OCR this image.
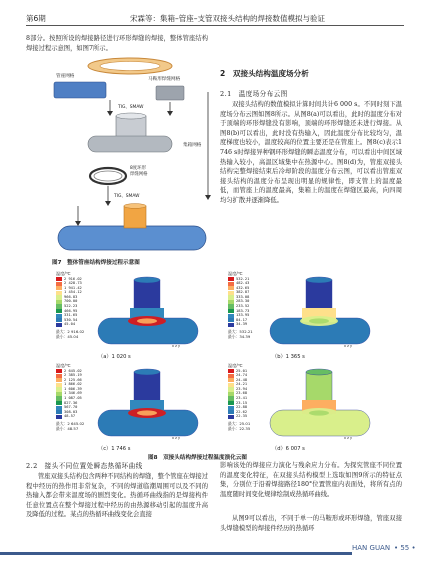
第6期	宋霖等：集箱–管座–支管双接头结构的焊接数值模拟与验证
8部分。按照所设的焊接路径进行环形焊缝的焊接，整体管座结构焊接过程示意图，如图7所示。
管座网格
马鞍形焊缝网格
TIG、SMAW
集箱网格
8度环形
焊缝网格
TIG、SMAW
图7　整体管座结构焊接过程示意图
2　双接头结构温度场分析
2.1　温度场分布云图
双接头结构的数值模拟计算时间共计6 000 s。不同时刻下温度场分布云图如图8所示。从图8(a)可以看出，此时的温度分布对于顶端的环形焊缝没有影响，顶端的环形焊缝还未进行焊接。从图8(b)可以看出，此时没有热输入，因此温度分布比较均匀，温度梯度也较小，温度较高的位置主要还是在管座上。图8(c)表示1 746 s时焊接异种钢环形焊缝的瞬态温度分布，可以看出中间区域热输入较小，高温区域集中在热源中心。图8(d)为，管座双接头结构完整焊接结束后冷却阶段的温度分布云图，可以看出管座双接头结构的温度分布呈现出明显的规律性，即支管上的温度最低，而管座上的温度最高，集箱上的温度在焊缝区最高，向四周均匀扩散并逐渐降低。
温度/℃
2 916.02
2 428.73
1 941.42
1 454.12
966.83
700.00
522.23
466.95
331.65
530.54
45.04
最大：2 916.02
最小：45.04
x z y
（a）1 020 s
温度/℃
532.21
482.43
432.65
382.87
333.08
283.30
233.52
183.73
133.95
84.17
34.39
最大：532.21
最小：34.39
x z y
（b）1 365 s
温度/℃
2 645.02
2 385.19
2 125.66
1 866.02
1 606.39
1 346.69
1 087.05
827.36
567.70
308.03
48.57
最大：2 645.02
最小：48.57
x z y
（c）1 746 s
温度/℃
25.01
24.74
24.48
24.21
23.94
23.68
23.41
23.15
22.88
22.62
22.35
最大：25.01
最小：22.35
x z y
（d）6 007 s
图8　双接头结构焊接过程温度演化云图
2.2　接头不同位置处瞬态热循环曲线
管座双接头结构包含两种不同结构的焊缝，整个管座在焊接过程中经历的热作用非常复杂，不同的焊道临潮周围可以及不同的热输入都会带来温度场的剧烈变化。热循环曲线指的是焊接构件任意位置点在整个焊接过程中经历的由热源移动引起的温度升高及降低的过程。某点的热循环曲线变化会直接
影响该处的焊接应力演化与残余应力分布。为探究管座不同位置的温度变化特征，在双接头结构模型上选取如图9所示的特征点集，分别位于沿着焊接路径180°位置管座内表面处，将所有点的温度随时间变化规律绘制成热循环曲线。
从图9可以看出，不同于单一的马鞍形或环形焊缝，管座双接头焊缝模型的焊接件经历的热循环
HAN GUAN • 55 •
